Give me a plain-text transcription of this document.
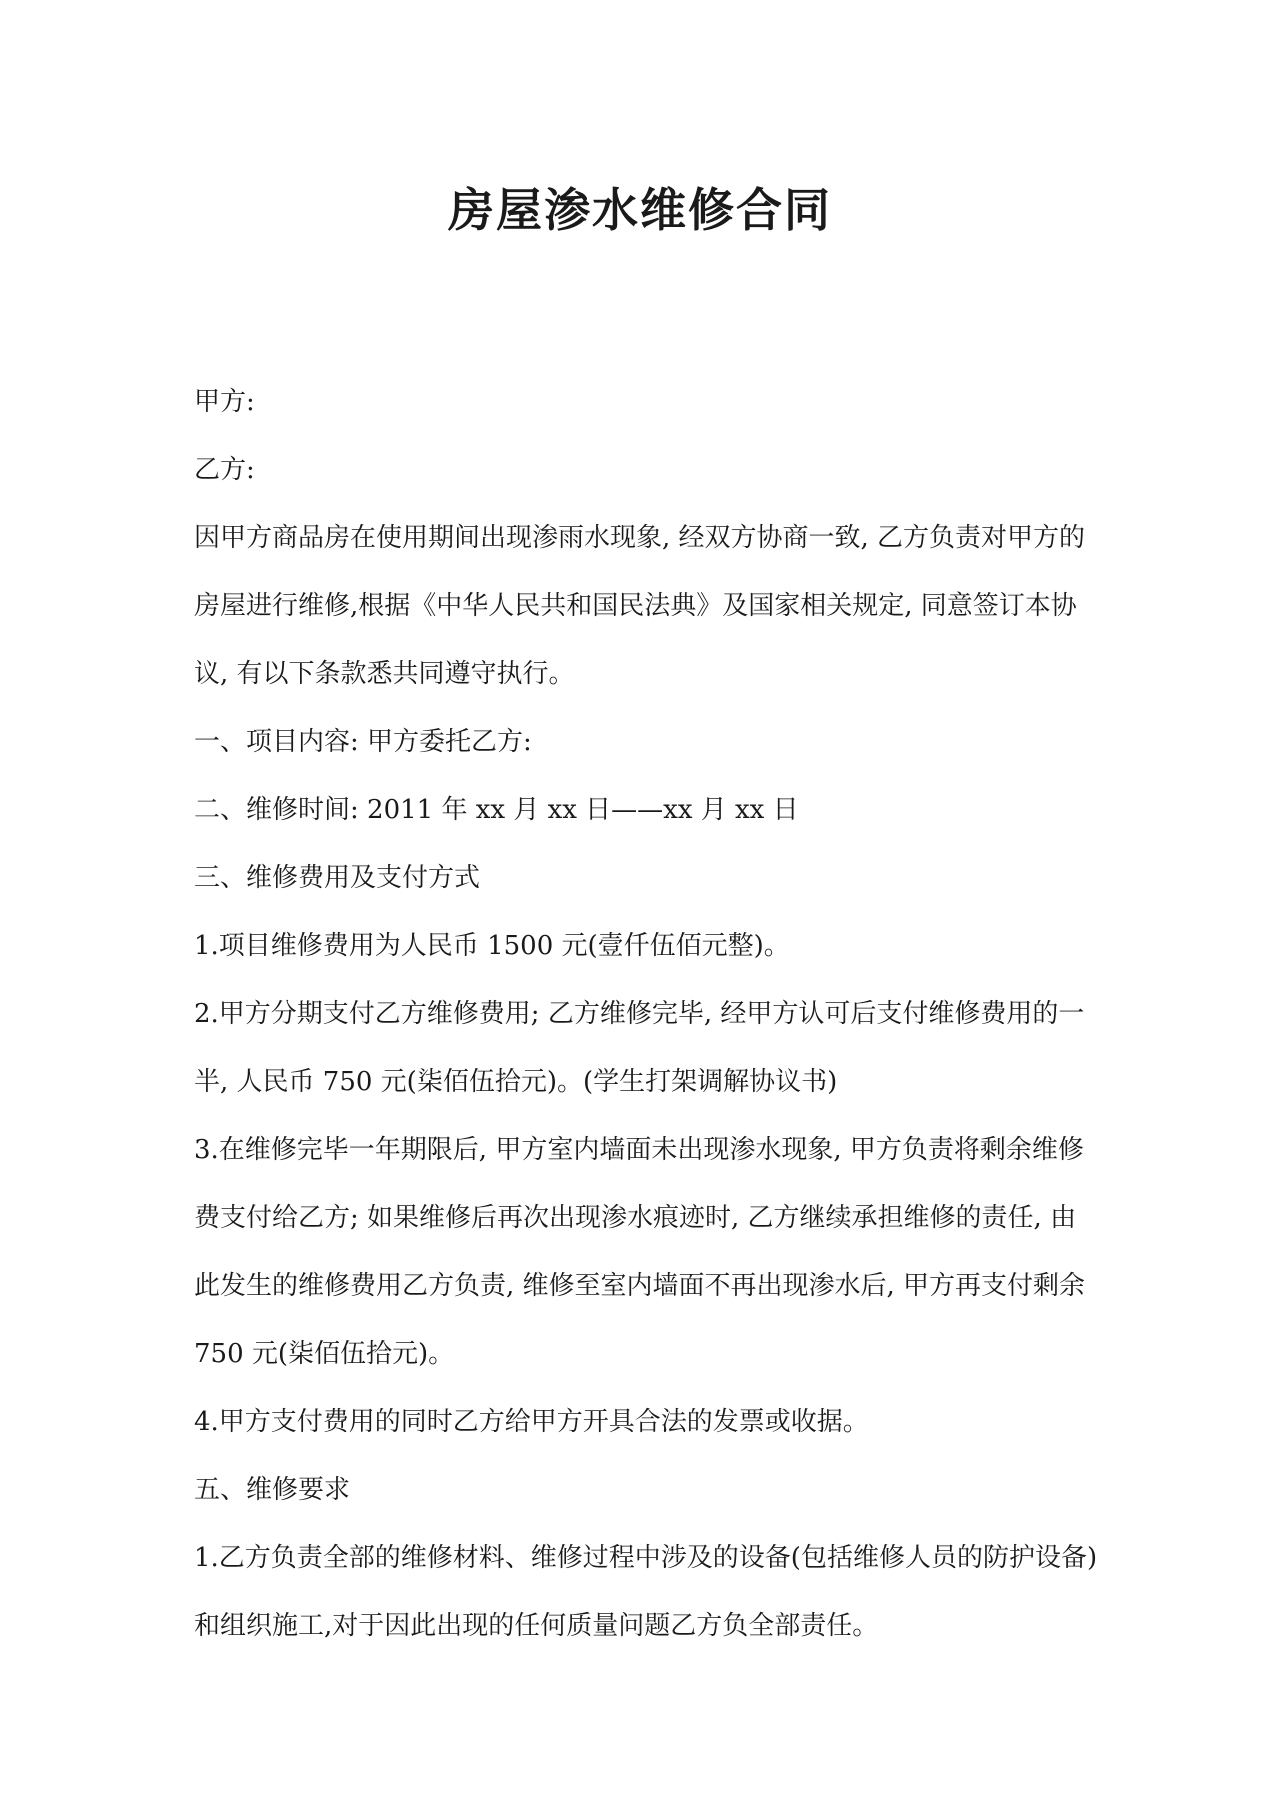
房屋渗水维修合同

甲方:

乙方:

因甲方商品房在使用期间出现渗雨水现象, 经双方协商一致, 乙方负责对甲方的

房屋进行维修,根据《中华人民共和国民法典》及国家相关规定, 同意签订本协

议, 有以下条款悉共同遵守执行。

一、项目内容: 甲方委托乙方:

二、维修时间: 2011 年 xx 月 xx 日——xx 月 xx 日

三、维修费用及支付方式

1.项目维修费用为人民币 1500 元(壹仟伍佰元整)。

2.甲方分期支付乙方维修费用; 乙方维修完毕, 经甲方认可后支付维修费用的一

半, 人民币 750 元(柒佰伍拾元)。(学生打架调解协议书)

3.在维修完毕一年期限后, 甲方室内墙面未出现渗水现象, 甲方负责将剩余维修

费支付给乙方; 如果维修后再次出现渗水痕迹时, 乙方继续承担维修的责任, 由

此发生的维修费用乙方负责, 维修至室内墙面不再出现渗水后, 甲方再支付剩余

750 元(柒佰伍拾元)。

4.甲方支付费用的同时乙方给甲方开具合法的发票或收据。

五、维修要求

1.乙方负责全部的维修材料、维修过程中涉及的设备(包括维修人员的防护设备)

和组织施工,对于因此出现的任何质量问题乙方负全部责任。
